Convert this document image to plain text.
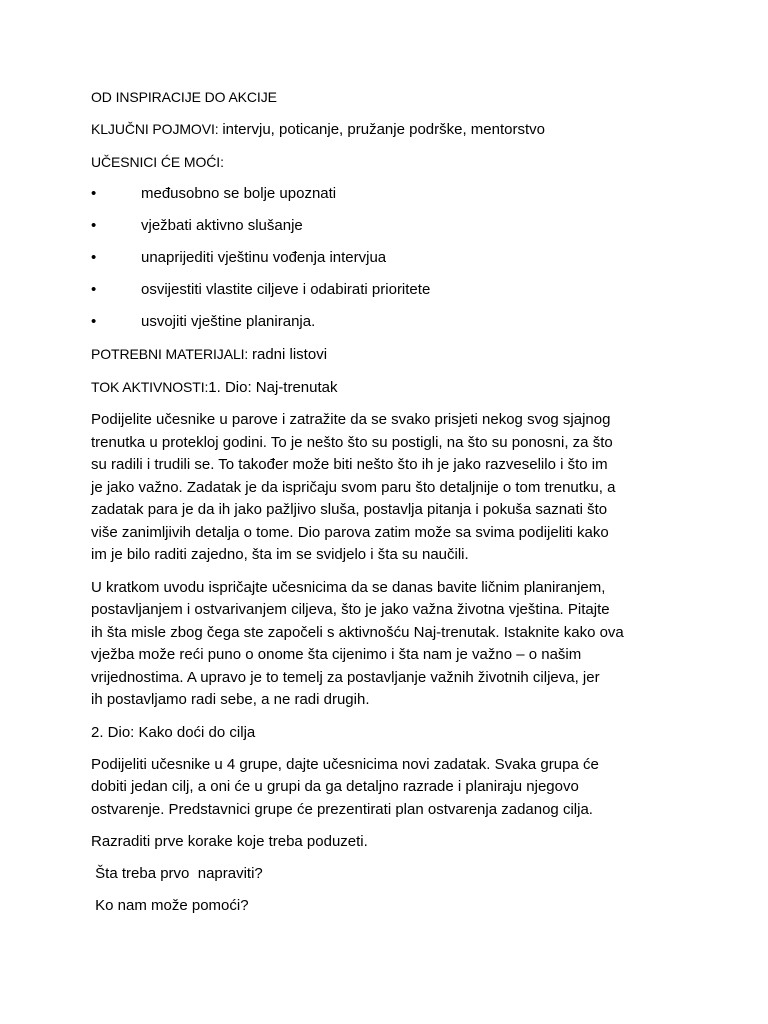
OD INSPIRACIJE DO AKCIJE

KLJUČNI POJMOVI: intervju, poticanje, pružanje podrške, mentorstvo

UČESNICI ĆE MOĆI:

•	međusobno se bolje upoznati
•	vježbati aktivno slušanje
•	unaprijediti vještinu vođenja intervjua
•	osvijestiti vlastite ciljeve i odabirati prioritete
•	usvojiti vještine planiranja.

POTREBNI MATERIJALI: radni listovi

TOK AKTIVNOSTI:1. Dio: Naj-trenutak

Podijelite učesnike u parove i zatražite da se svako prisjeti nekog svog sjajnog

trenutka u protekloj godini. To je nešto što su postigli, na što su ponosni, za što

su radili i trudili se. To također može biti nešto što ih je jako razveselilo i što im

je jako važno. Zadatak je da ispričaju svom paru što detaljnije o tom trenutku, a

zadatak para je da ih jako pažljivo sluša, postavlja pitanja i pokuša saznati što

više zanimljivih detalja o tome. Dio parova zatim može sa svima podijeliti kako

im je bilo raditi zajedno, šta im se svidjelo i šta su naučili.

U kratkom uvodu ispričajte učesnicima da se danas bavite ličnim planiranjem,

postavljanjem i ostvarivanjem ciljeva, što je jako važna životna vještina. Pitajte

ih šta misle zbog čega ste započeli s aktivnošću Naj-trenutak. Istaknite kako ova

vježba može reći puno o onome šta cijenimo i šta nam je važno – o našim

vrijednostima. A upravo je to temelj za postavljanje važnih životnih ciljeva, jer

ih postavljamo radi sebe, a ne radi drugih.

2. Dio: Kako doći do cilja

Podijeliti učesnike u 4 grupe, dajte učesnicima novi zadatak. Svaka grupa će

dobiti jedan cilj, a oni će u grupi da ga detaljno razrade i planiraju njegovo

ostvarenje. Predstavnici grupe će prezentirati plan ostvarenja zadanog cilja.

Razraditi prve korake koje treba poduzeti.

Šta treba prvo  napraviti?

Ko nam može pomoći?
